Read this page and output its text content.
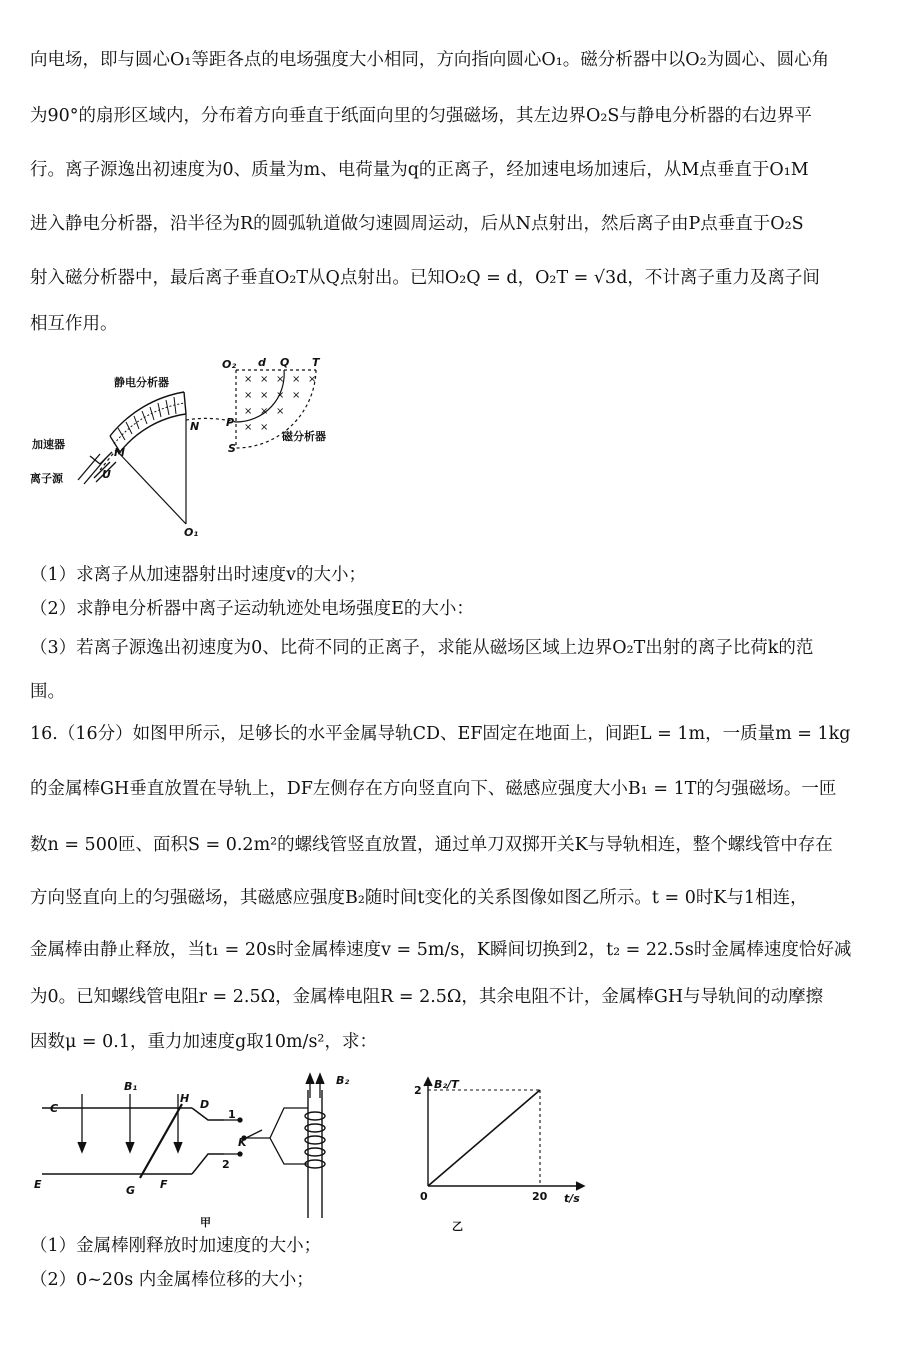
向电场，即与圆心O₁等距各点的电场强度大小相同，方向指向圆心O₁。磁分析器中以O₂为圆心、圆心角
为90°的扇形区域内，分布着方向垂直于纸面向里的匀强磁场，其左边界O₂S与静电分析器的右边界平
行。离子源逸出初速度为0、质量为m、电荷量为q的正离子，经加速电场加速后，从M点垂直于O₁M
进入静电分析器，沿半径为R的圆弧轨道做匀速圆周运动，后从N点射出，然后离子由P点垂直于O₂S
射入磁分析器中，最后离子垂直O₂T从Q点射出。已知O₂Q = d，O₂T = √3d，不计离子重力及离子间
相互作用。
× × × × ×
× × × ×
× × ×
× ×
静电分析器
磁分析器
加速器
离子源
M
N P
S
O₂ d Q T
U
O₁
（1）求离子从加速器射出时速度v的大小；
（2）求静电分析器中离子运动轨迹处电场强度E的大小：
（3）若离子源逸出初速度为0、比荷不同的正离子，求能从磁场区域上边界O₂T出射的离子比荷k的范
围。
16.（16分）如图甲所示，足够长的水平金属导轨CD、EF固定在地面上，间距L = 1m，一质量m = 1kg
的金属棒GH垂直放置在导轨上，DF左侧存在方向竖直向下、磁感应强度大小B₁ = 1T的匀强磁场。一匝
数n = 500匝、面积S = 0.2m²的螺线管竖直放置，通过单刀双掷开关K与导轨相连，整个螺线管中存在
方向竖直向上的匀强磁场，其磁感应强度B₂随时间t变化的关系图像如图乙所示。t = 0时K与1相连，
金属棒由静止释放，当t₁ = 20s时金属棒速度v = 5m/s，K瞬间切换到2，t₂ = 22.5s时金属棒速度恰好减
为0。已知螺线管电阻r = 2.5Ω，金属棒电阻R = 2.5Ω，其余电阻不计，金属棒GH与导轨间的动摩擦
因数μ = 0.1，重力加速度g取10m/s²，求：
C
E	G F
H D
B₁	B₂
K
1
2
甲
0	20
2 B₂/T
t/s
乙
（1）金属棒刚释放时加速度的大小；
（2）0~20s 内金属棒位移的大小；
